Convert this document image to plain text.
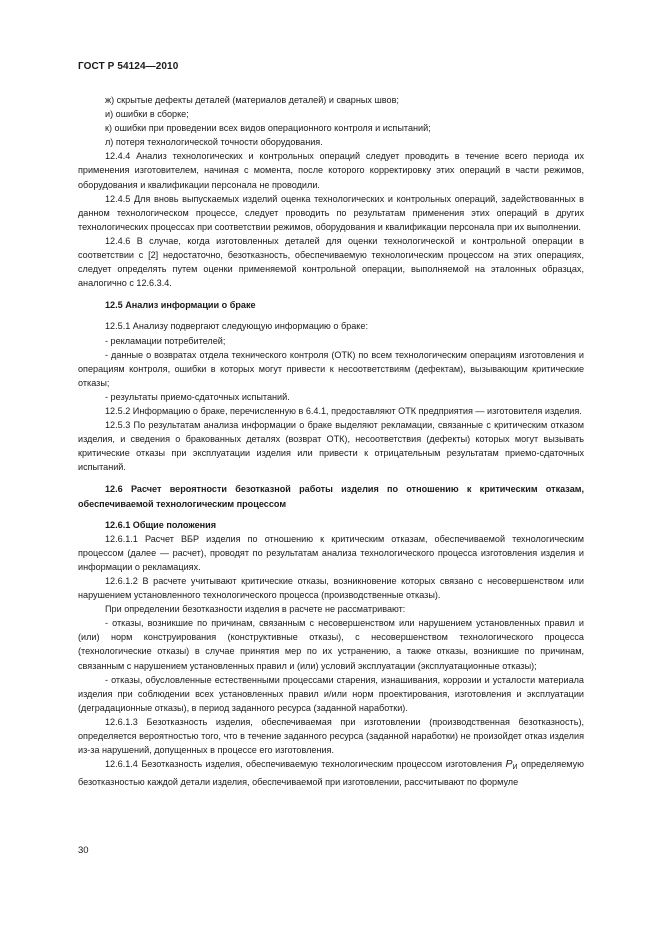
ГОСТ Р 54124—2010

ж) скрытые дефекты деталей (материалов деталей) и сварных швов;

и) ошибки в сборке;

к) ошибки при проведении всех видов операционного контроля и испытаний;

л) потеря технологической точности оборудования.

12.4.4 Анализ технологических и контрольных операций следует проводить в течение всего периода их применения изготовителем, начиная с момента, после которого корректировку этих операций в части режимов, оборудования и квалификации персонала не проводили.

12.4.5 Для вновь выпускаемых изделий оценка технологических и контрольных операций, задействованных в данном технологическом процессе, следует проводить по результатам применения этих операций в других технологических процессах при соответствии режимов, оборудования и квалификации персонала при их выполнении.

12.4.6 В случае, когда изготовленных деталей для оценки технологической и контрольной операции в соответствии с [2] недостаточно, безотказность, обеспечиваемую технологическим процессом на этих операциях, следует определять путем оценки применяемой контрольной операции, выполняемой на эталонных образцах, аналогично с 12.6.3.4.

12.5 Анализ информации о браке

12.5.1 Анализу подвергают следующую информацию о браке:

- рекламации потребителей;

- данные о возвратах отдела технического контроля (ОТК) по всем технологическим операциям изготовления и операциям контроля, ошибки в которых могут привести к несоответствиям (дефектам), вызывающим критические отказы;

- результаты приемо-сдаточных испытаний.

12.5.2 Информацию о браке, перечисленную в 6.4.1, предоставляют ОТК предприятия — изготовителя изделия.

12.5.3 По результатам анализа информации о браке выделяют рекламации, связанные с критическим отказом изделия, и сведения о бракованных деталях (возврат ОТК), несоответствия (дефекты) которых могут вызывать критические отказы при эксплуатации изделия или привести к отрицательным результатам приемо-сдаточных испытаний.

12.6 Расчет вероятности безотказной работы изделия по отношению к критическим отказам, обеспечиваемой технологическим процессом

12.6.1 Общие положения

12.6.1.1 Расчет ВБР изделия по отношению к критическим отказам, обеспечиваемой технологическим процессом (далее — расчет), проводят по результатам анализа технологического процесса изготовления изделия и информации о рекламациях.

12.6.1.2 В расчете учитывают критические отказы, возникновение которых связано с несовершенством или нарушением установленного технологического процесса (производственные отказы).

При определении безотказности изделия в расчете не рассматривают:

- отказы, возникшие по причинам, связанным с несовершенством или нарушением установленных правил и (или) норм конструирования (конструктивные отказы), с несовершенством технологического процесса (технологические отказы) в случае принятия мер по их устранению, а также отказы, возникшие по причинам, связанным с нарушением установленных правил и (или) условий эксплуатации (эксплуатационные отказы);

- отказы, обусловленные естественными процессами старения, изнашивания, коррозии и усталости материала изделия при соблюдении всех установленных правил и/или норм проектирования, изготовления и эксплуатации (деградационные отказы), в период заданного ресурса (заданной наработки).

12.6.1.3 Безотказность изделия, обеспечиваемая при изготовлении (производственная безотказность), определяется вероятностью того, что в течение заданного ресурса (заданной наработки) не произойдет отказ изделия из-за нарушений, допущенных в процессе его изготовления.

12.6.1.4 Безотказность изделия, обеспечиваемую технологическим процессом изготовления $P_И$ определяемую безотказностью каждой детали изделия, обеспечиваемой при изготовлении, рассчитывают по формуле

30
